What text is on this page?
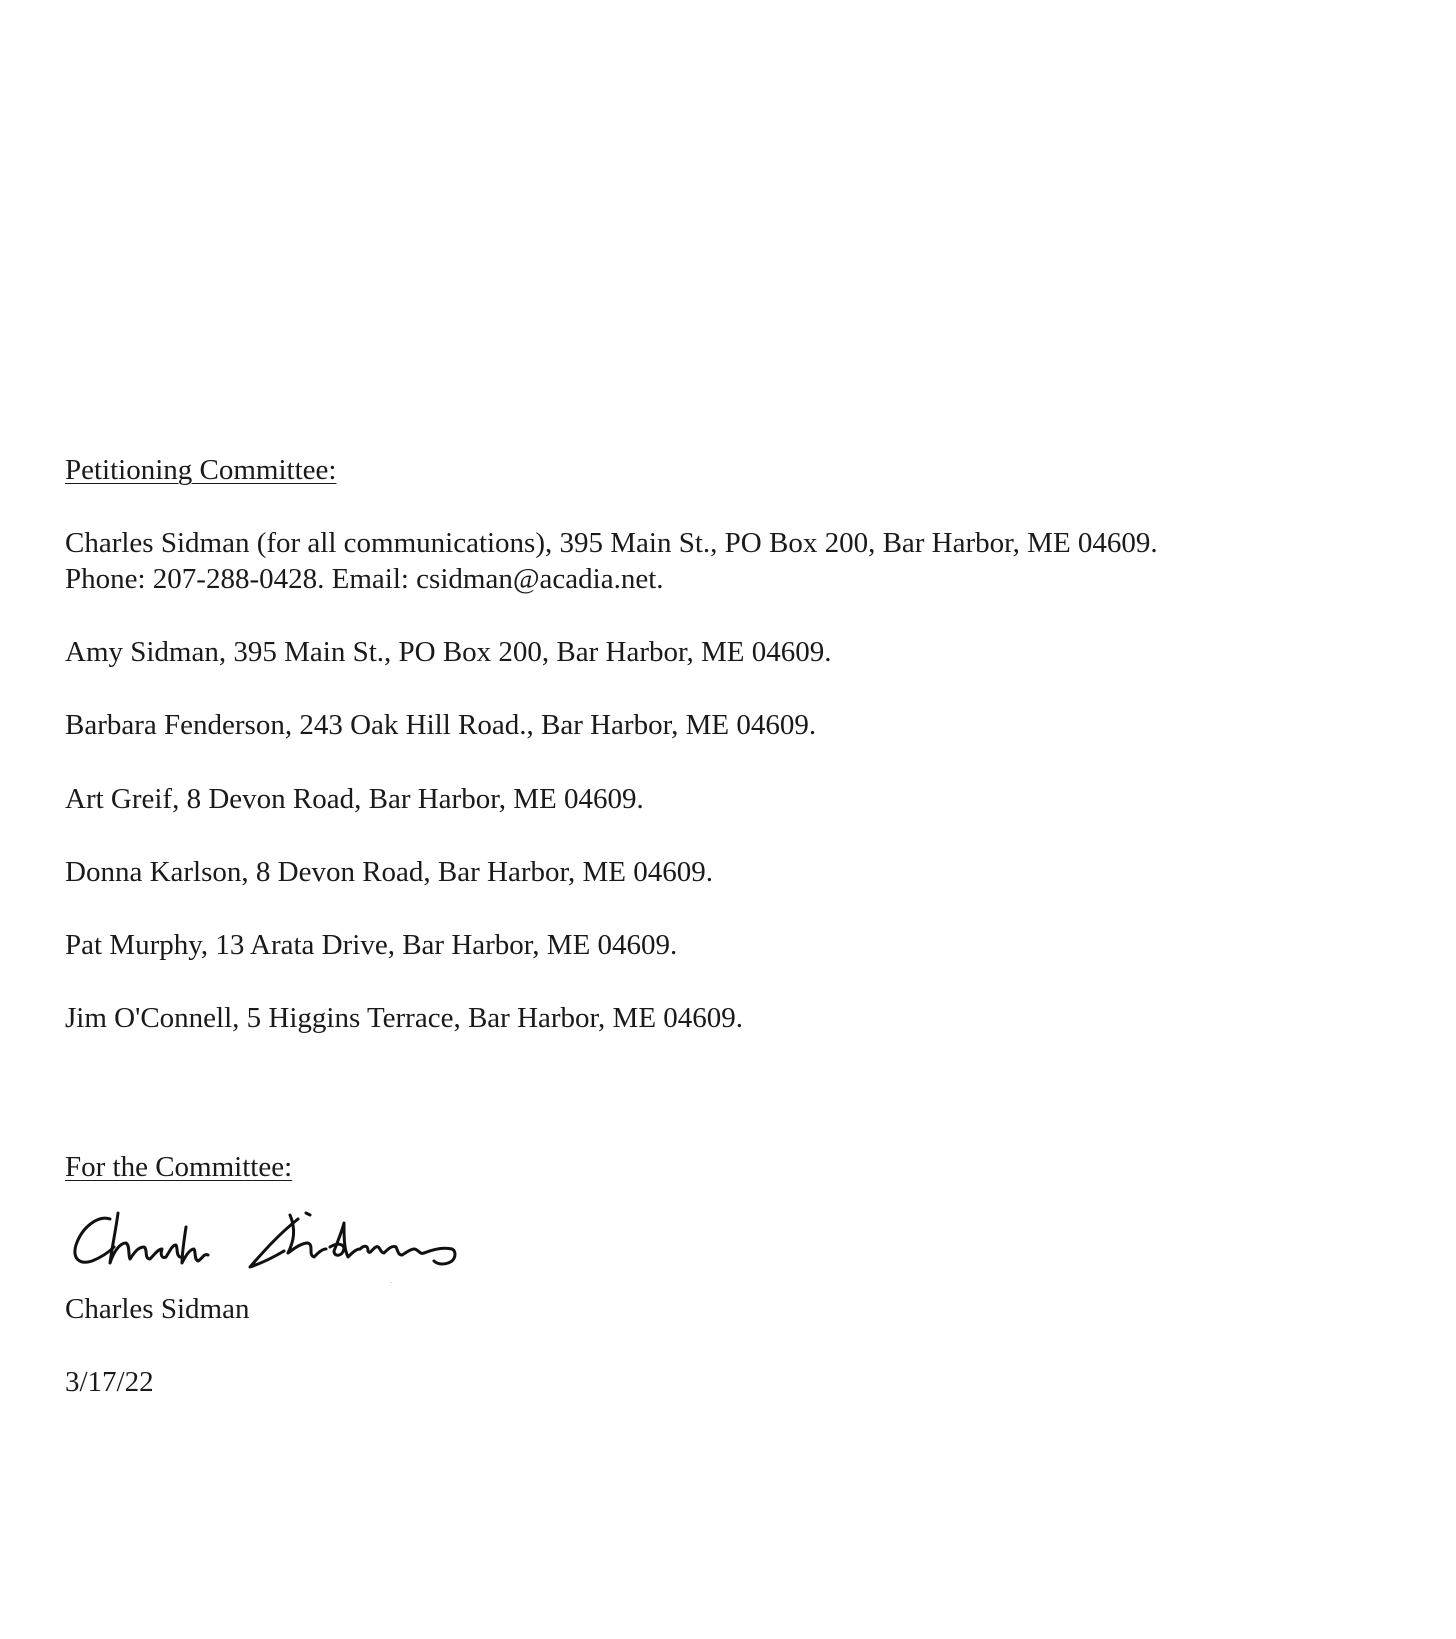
Petitioning Committee:

Charles Sidman (for all communications), 395 Main St., PO Box 200, Bar Harbor, ME 04609.
Phone: 207-288-0428. Email: csidman@acadia.net.

Amy Sidman, 395 Main St., PO Box 200, Bar Harbor, ME 04609.

Barbara Fenderson, 243 Oak Hill Road., Bar Harbor, ME 04609.

Art Greif, 8 Devon Road, Bar Harbor, ME 04609.

Donna Karlson, 8 Devon Road, Bar Harbor, ME 04609.

Pat Murphy, 13 Arata Drive, Bar Harbor, ME 04609.

Jim O'Connell, 5 Higgins Terrace, Bar Harbor, ME 04609.

For the Committee:

Charles Sidman

3/17/22
